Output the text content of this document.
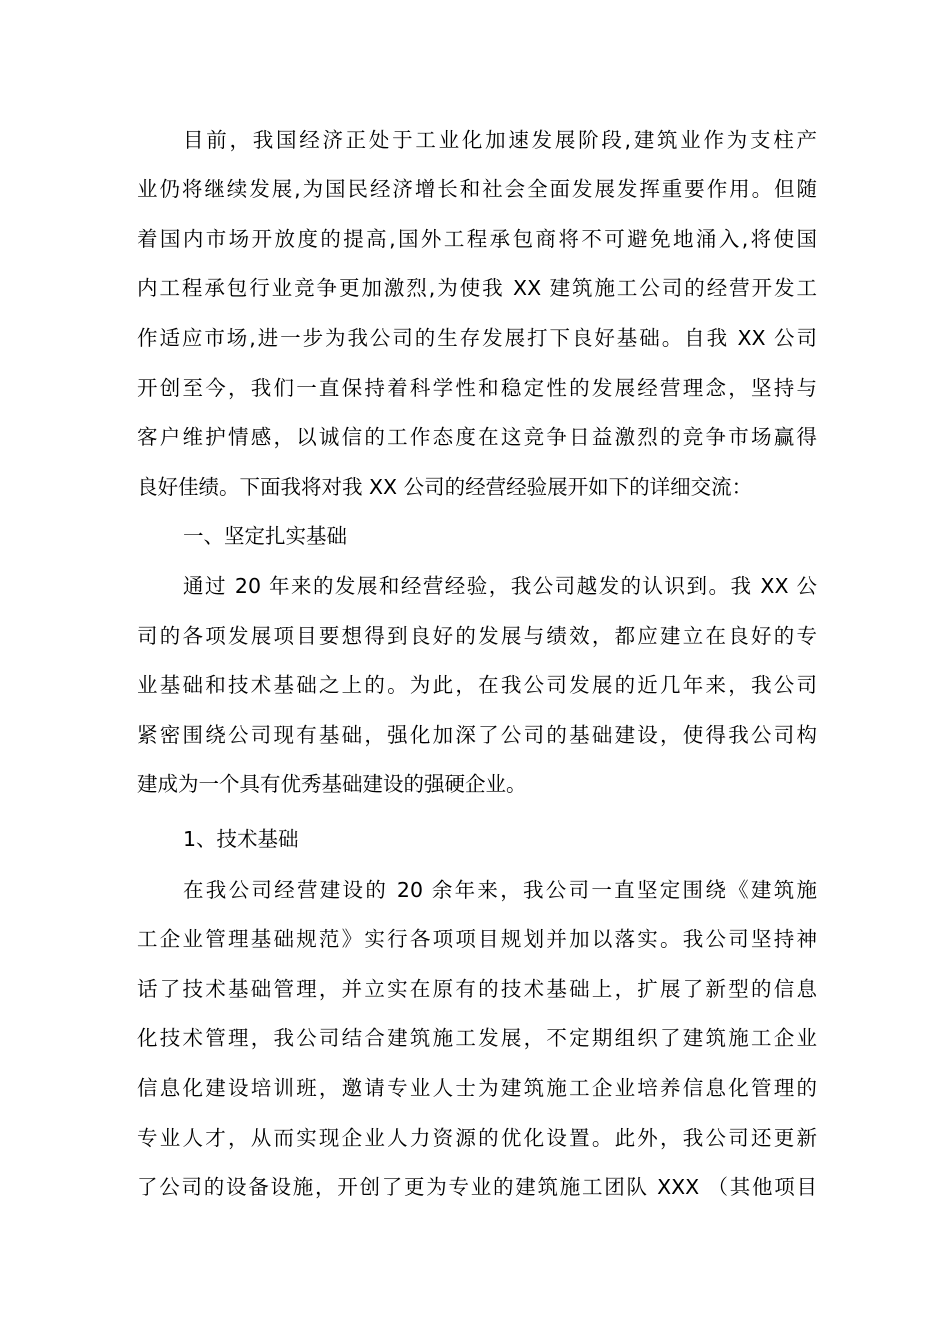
目前，我国经济正处于工业化加速发展阶段,建筑业作为支柱产

业仍将继续发展,为国民经济增长和社会全面发展发挥重要作用。但随

着国内市场开放度的提高,国外工程承包商将不可避免地涌入,将使国

内工程承包行业竞争更加激烈,为使我 XX 建筑施工公司的经营开发工

作适应市场,进一步为我公司的生存发展打下良好基础。自我 XX 公司

开创至今，我们一直保持着科学性和稳定性的发展经营理念，坚持与

客户维护情感，以诚信的工作态度在这竞争日益激烈的竞争市场赢得

良好佳绩。下面我将对我 XX 公司的经营经验展开如下的详细交流：

一、坚定扎实基础

通过 20 年来的发展和经营经验，我公司越发的认识到。我 XX 公

司的各项发展项目要想得到良好的发展与绩效，都应建立在良好的专

业基础和技术基础之上的。为此，在我公司发展的近几年来，我公司

紧密围绕公司现有基础，强化加深了公司的基础建设，使得我公司构

建成为一个具有优秀基础建设的强硬企业。

1、技术基础

在我公司经营建设的 20 余年来，我公司一直坚定围绕《建筑施

工企业管理基础规范》实行各项项目规划并加以落实。我公司坚持神

话了技术基础管理，并立实在原有的技术基础上，扩展了新型的信息

化技术管理，我公司结合建筑施工发展，不定期组织了建筑施工企业

信息化建设培训班，邀请专业人士为建筑施工企业培养信息化管理的

专业人才，从而实现企业人力资源的优化设置。此外，我公司还更新

了公司的设备设施，开创了更为专业的建筑施工团队 XXX （其他项目
